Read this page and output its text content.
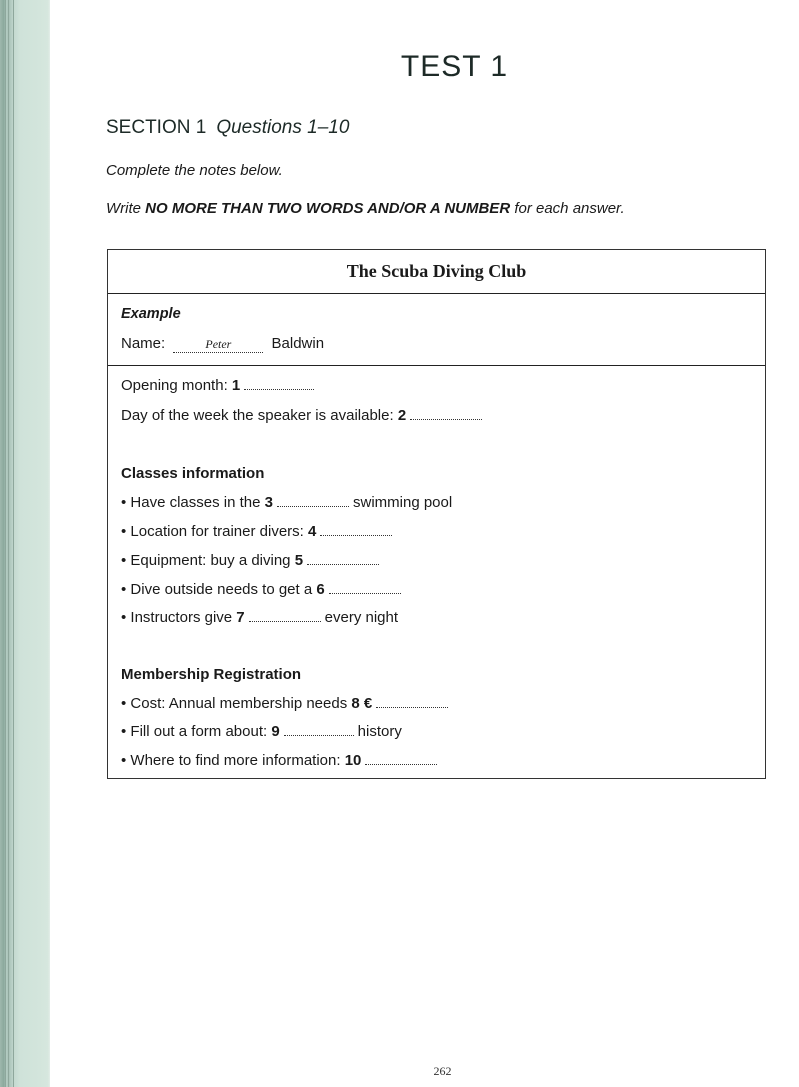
TEST 1
SECTION 1 Questions 1–10
Complete the notes below.
Write NO MORE THAN TWO WORDS AND/OR A NUMBER for each answer.
The Scuba Diving Club
Example
Name:	Peter	Baldwin
Opening month: 1
Day of the week the speaker is available: 2
Classes information
• Have classes in the 3	swimming pool
• Location for trainer divers: 4
• Equipment: buy a diving 5
• Dive outside needs to get a 6
• Instructors give 7	every night
Membership Registration
• Cost: Annual membership needs 8 €
• Fill out a form about: 9	history
• Where to find more information: 10
262
